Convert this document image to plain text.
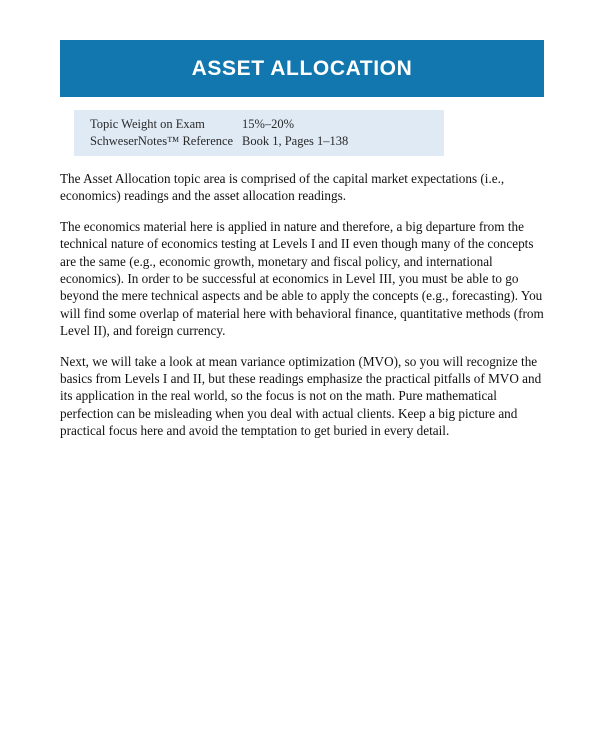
ASSET ALLOCATION
Topic Weight on Exam	15%–20%
SchweserNotes™ Reference Book 1, Pages 1–138

The Asset Allocation topic area is comprised of the capital market expectations (i.e., economics) readings and the asset allocation readings.

The economics material here is applied in nature and therefore, a big departure from the technical nature of economics testing at Levels I and II even though many of the concepts are the same (e.g., economic growth, monetary and fiscal policy, and international economics). In order to be successful at economics in Level III, you must be able to go beyond the mere technical aspects and be able to apply the concepts (e.g., forecasting). You will find some overlap of material here with behavioral finance, quantitative methods (from Level II), and foreign currency.

Next, we will take a look at mean variance optimization (MVO), so you will recognize the basics from Levels I and II, but these readings emphasize the practical pitfalls of MVO and its application in the real world, so the focus is not on the math. Pure mathematical perfection can be misleading when you deal with actual clients. Keep a big picture and practical focus here and avoid the temptation to get buried in every detail.
